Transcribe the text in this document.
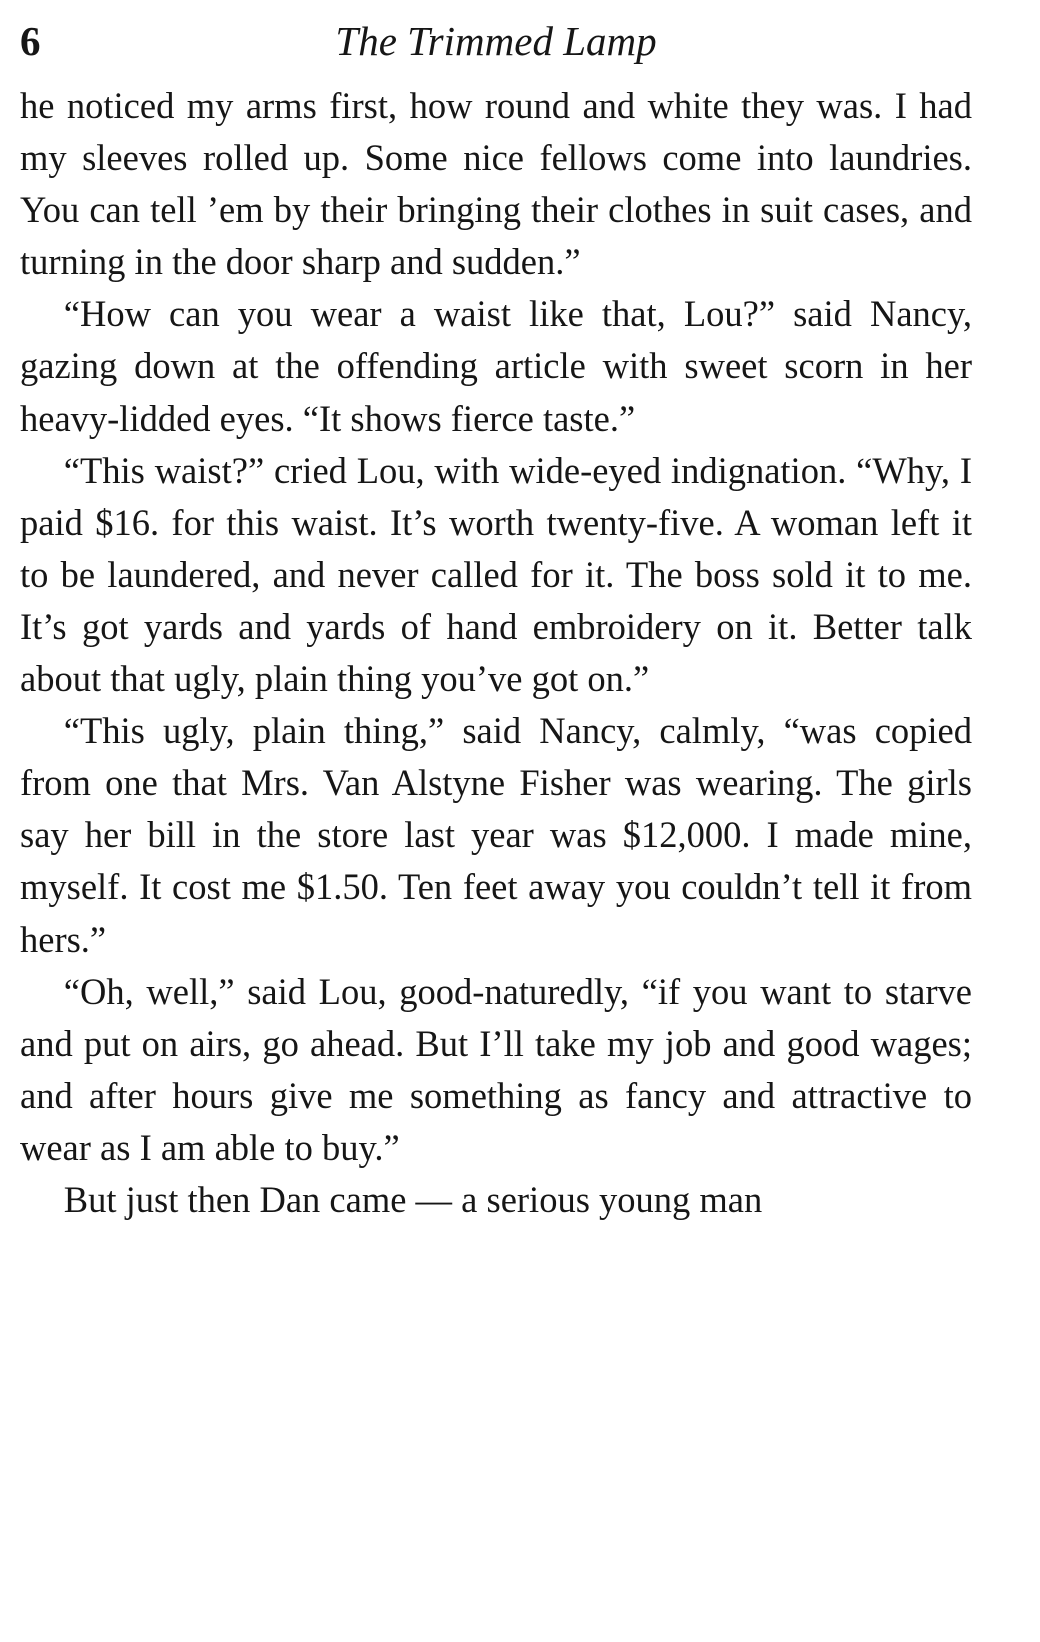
6	The Trimmed Lamp

he noticed my arms first, how round and white they was. I had my sleeves rolled up. Some nice fellows come into laundries. You can tell ’em by their bringing their clothes in suit cases, and turning in the door sharp and sudden.”

“How can you wear a waist like that, Lou?” said Nancy, gazing down at the offending article with sweet scorn in her heavy-lidded eyes. “It shows fierce taste.”

“This waist?” cried Lou, with wide-eyed indignation. “Why, I paid $16. for this waist. It’s worth twenty-five. A woman left it to be laundered, and never called for it. The boss sold it to me. It’s got yards and yards of hand embroidery on it. Better talk about that ugly, plain thing you’ve got on.”

“This ugly, plain thing,” said Nancy, calmly, “was copied from one that Mrs. Van Alstyne Fisher was wearing. The girls say her bill in the store last year was $12,000. I made mine, myself. It cost me $1.50. Ten feet away you couldn’t tell it from hers.”

“Oh, well,” said Lou, good-naturedly, “if you want to starve and put on airs, go ahead. But I’ll take my job and good wages; and after hours give me something as fancy and attractive to wear as I am able to buy.”

But just then Dan came — a serious young man
